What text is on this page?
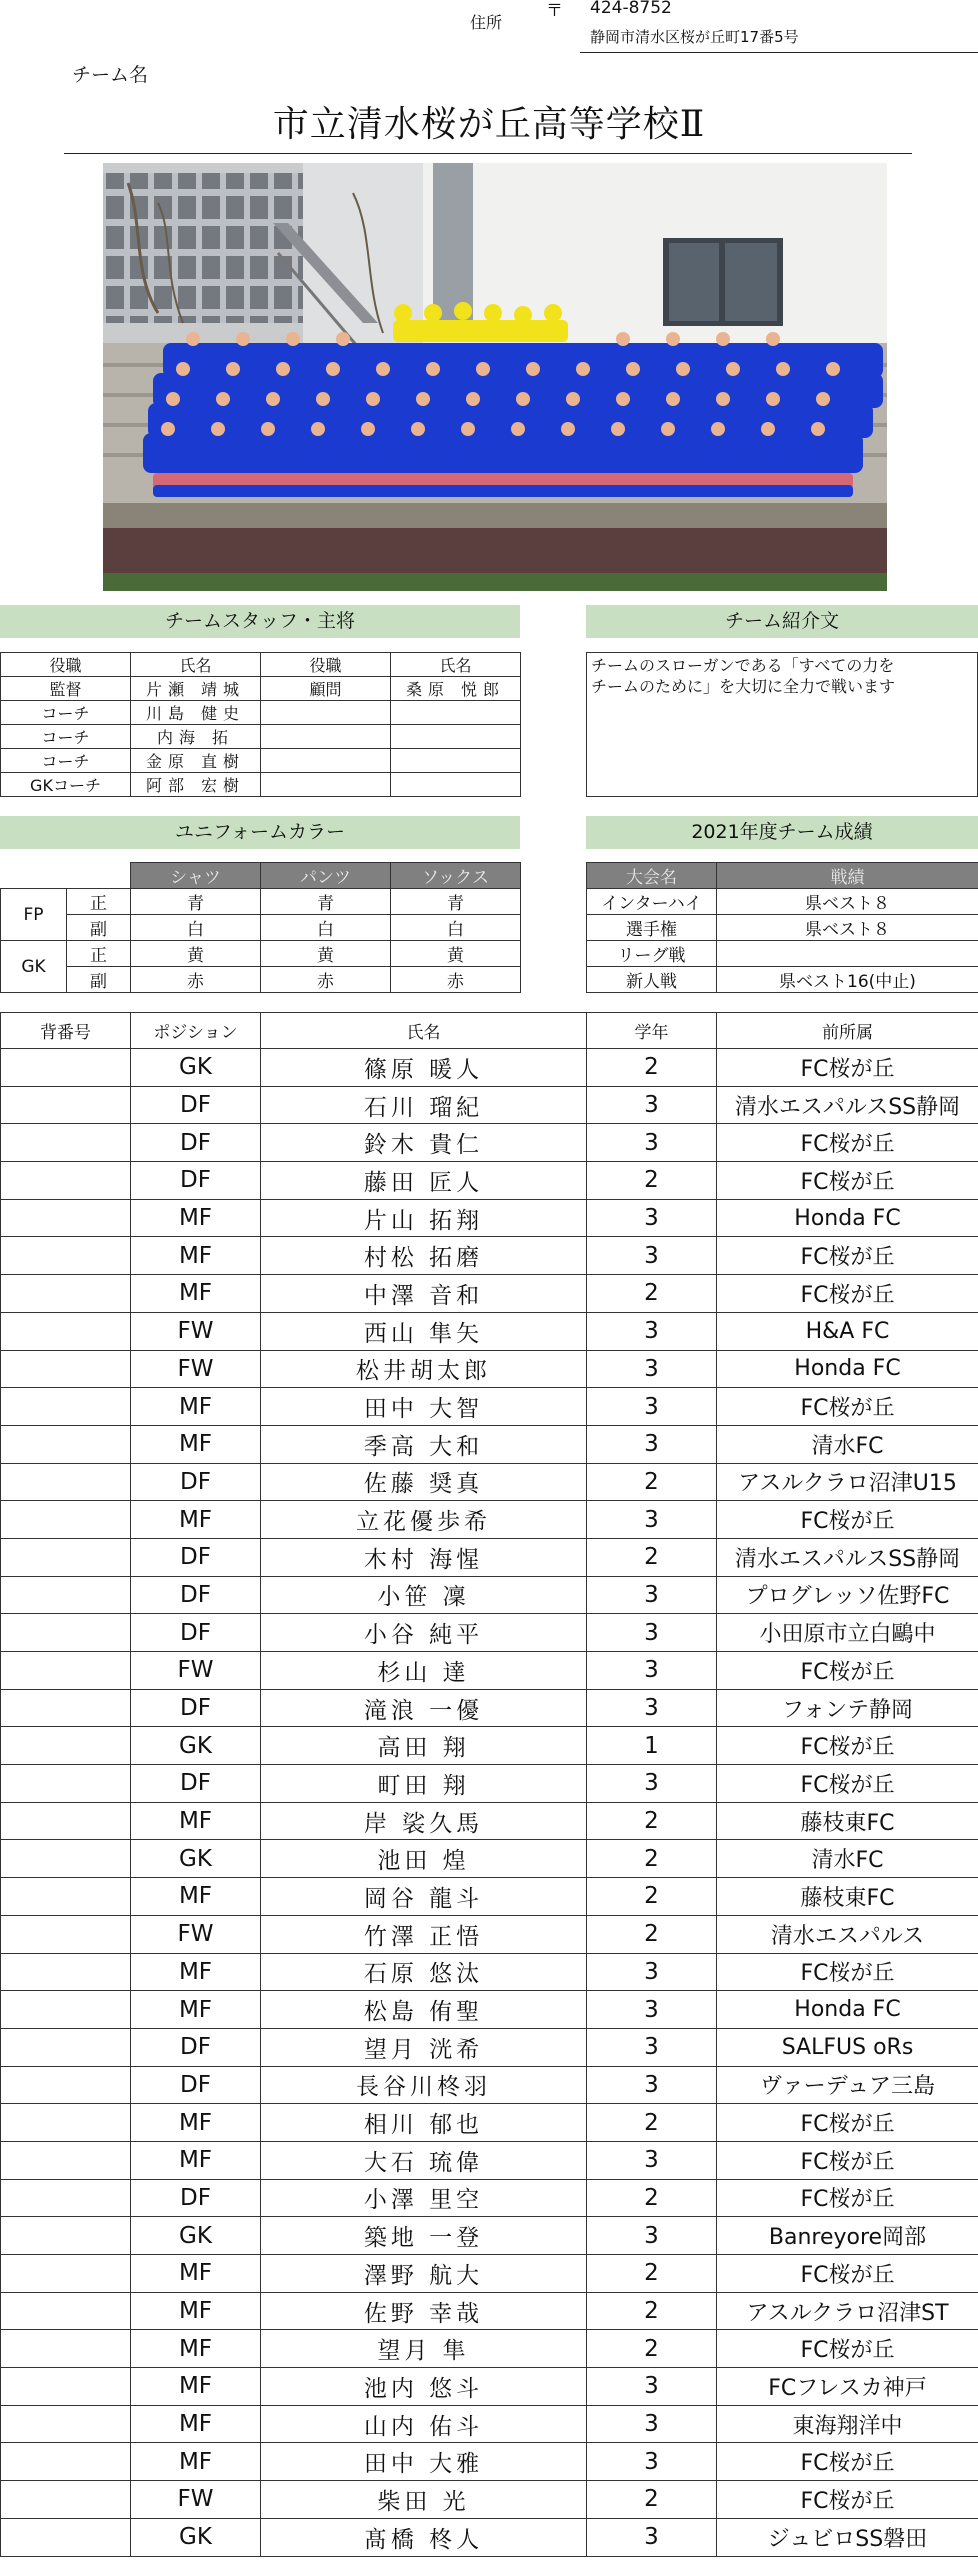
住所
〒 424-8752
静岡市清水区桜が丘町17番5号
チーム名
市立清水桜が丘高等学校Ⅱ
チームスタッフ・主将
役職	氏名	役職	氏名
監督	片瀬 靖城	顧問	桑原 悦郎
コーチ	川島 健史		
コーチ	内海 拓		
コーチ	金原 直樹		
GKコーチ	阿部 宏樹		
チーム紹介文
チームのスローガンである「すべての力を
チームのために」を大切に全力で戦います
ユニフォームカラー
		シャツ	パンツ	ソックス
FP	正	青	青	青
	副	白	白	白
GK	正	黄	黄	黄
	副	赤	赤	赤
2021年度チーム成績
大会名	戦績
インターハイ	県ベスト８
選手権	県ベスト８
リーグ戦	
新人戦	県ベスト16(中止)
背番号	ポジション	氏名	学年	前所属
	GK	篠原 暖人	2	FC桜が丘
	DF	石川 瑠紀	3	清水エスパルスSS静岡
	DF	鈴木 貴仁	3	FC桜が丘
	DF	藤田 匠人	2	FC桜が丘
	MF	片山 拓翔	3	Honda FC
	MF	村松 拓磨	3	FC桜が丘
	MF	中澤 音和	2	FC桜が丘
	FW	西山 隼矢	3	H&A FC
	FW	松井胡太郎	3	Honda FC
	MF	田中 大智	3	FC桜が丘
	MF	季高 大和	3	清水FC
	DF	佐藤 奨真	2	アスルクラロ沼津U15
	MF	立花優歩希	3	FC桜が丘
	DF	木村 海惺	2	清水エスパルスSS静岡
	DF	小笹 凜	3	プログレッソ佐野FC
	DF	小谷 純平	3	小田原市立白鷗中
	FW	杉山 達	3	FC桜が丘
	DF	滝浪 一優	3	フォンテ静岡
	GK	高田 翔	1	FC桜が丘
	DF	町田 翔	3	FC桜が丘
	MF	岸 裟久馬	2	藤枝東FC
	GK	池田 煌	2	清水FC
	MF	岡谷 龍斗	2	藤枝東FC
	FW	竹澤 正悟	2	清水エスパルス
	MF	石原 悠汰	3	FC桜が丘
	MF	松島 侑聖	3	Honda FC
	DF	望月 洸希	3	SALFUS oRs
	DF	長谷川柊羽	3	ヴァーデュア三島
	MF	相川 郁也	2	FC桜が丘
	MF	大石 琉偉	3	FC桜が丘
	DF	小澤 里空	2	FC桜が丘
	GK	築地 一登	3	Banreyore岡部
	MF	澤野 航大	2	FC桜が丘
	MF	佐野 幸哉	2	アスルクラロ沼津ST
	MF	望月 隼	2	FC桜が丘
	MF	池内 悠斗	3	FCフレスカ神戸
	MF	山内 佑斗	3	東海翔洋中
	MF	田中 大雅	3	FC桜が丘
	FW	柴田 光	2	FC桜が丘
	GK	髙橋 柊人	3	ジュビロSS磐田
